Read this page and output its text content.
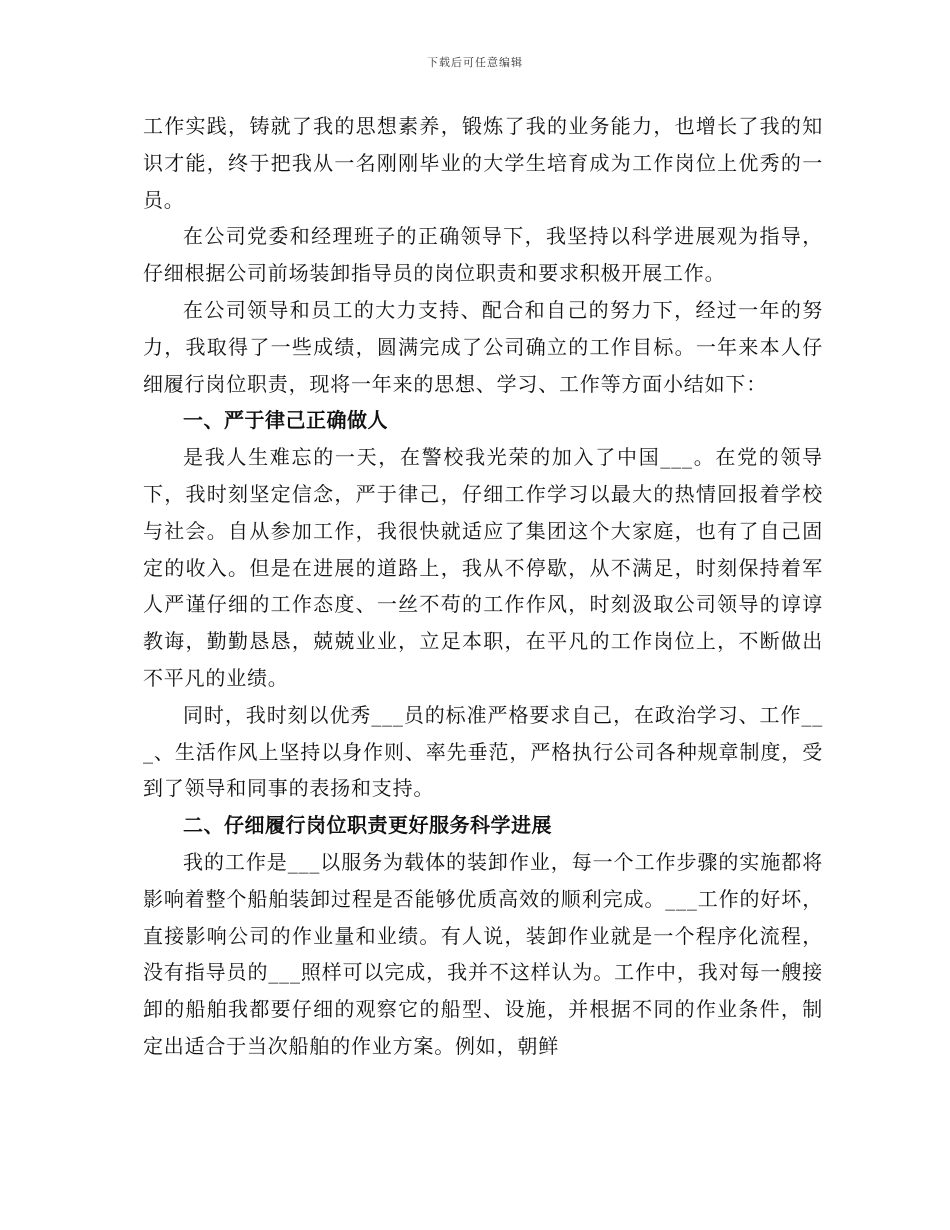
下载后可任意编辑

工作实践，铸就了我的思想素养，锻炼了我的业务能力，也增长了我的知识才能，终于把我从一名刚刚毕业的大学生培育成为工作岗位上优秀的一员。

在公司党委和经理班子的正确领导下，我坚持以科学进展观为指导，仔细根据公司前场装卸指导员的岗位职责和要求积极开展工作。

在公司领导和员工的大力支持、配合和自己的努力下，经过一年的努力，我取得了一些成绩，圆满完成了公司确立的工作目标。一年来本人仔细履行岗位职责，现将一年来的思想、学习、工作等方面小结如下：

一、严于律己正确做人

是我人生难忘的一天，在警校我光荣的加入了中国___。在党的领导下，我时刻坚定信念，严于律己，仔细工作学习以最大的热情回报着学校与社会。自从参加工作，我很快就适应了集团这个大家庭，也有了自己固定的收入。但是在进展的道路上，我从不停歇，从不满足，时刻保持着军人严谨仔细的工作态度、一丝不苟的工作作风，时刻汲取公司领导的谆谆教诲，勤勤恳恳，兢兢业业，立足本职，在平凡的工作岗位上，不断做出不平凡的业绩。

同时，我时刻以优秀___员的标准严格要求自己，在政治学习、工作___、生活作风上坚持以身作则、率先垂范，严格执行公司各种规章制度，受到了领导和同事的表扬和支持。

二、仔细履行岗位职责更好服务科学进展

我的工作是___以服务为载体的装卸作业，每一个工作步骤的实施都将影响着整个船舶装卸过程是否能够优质高效的顺利完成。___工作的好坏，直接影响公司的作业量和业绩。有人说，装卸作业就是一个程序化流程，没有指导员的___照样可以完成，我并不这样认为。工作中，我对每一艘接卸的船舶我都要仔细的观察它的船型、设施，并根据不同的作业条件，制定出适合于当次船舶的作业方案。例如，朝鲜
